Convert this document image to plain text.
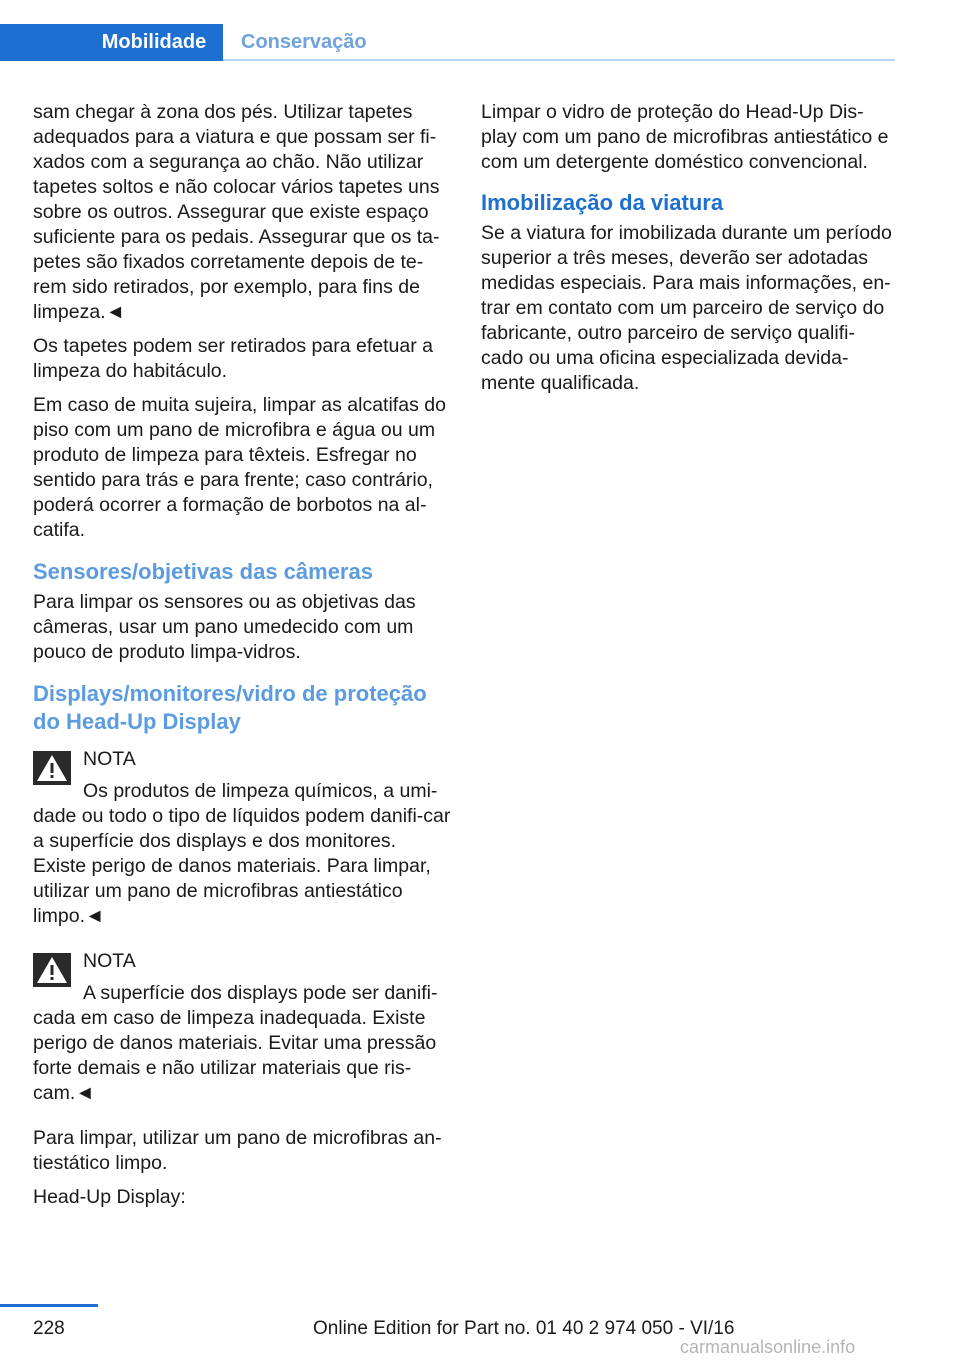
Mobilidade	Conservação

sam chegar à zona dos pés. Utilizar tapetes adequados para a viatura e que possam ser fi-xados com a segurança ao chão. Não utilizar tapetes soltos e não colocar vários tapetes uns sobre os outros. Assegurar que existe espaço suficiente para os pedais. Assegurar que os ta-petes são fixados corretamente depois de te-rem sido retirados, por exemplo, para fins de limpeza.◄

Os tapetes podem ser retirados para efetuar a limpeza do habitáculo.

Em caso de muita sujeira, limpar as alcatifas do piso com um pano de microfibra e água ou um produto de limpeza para têxteis. Esfregar no sentido para trás e para frente; caso contrário, poderá ocorrer a formação de borbotos na al-catifa.

Sensores/objetivas das câmeras

Para limpar os sensores ou as objetivas das câmeras, usar um pano umedecido com um pouco de produto limpa-vidros.

Displays/monitores/vidro de proteção do Head-Up Display
NOTA
Os produtos de limpeza químicos, a umi-dade ou todo o tipo de líquidos podem danifi-car a superfície dos displays e dos monitores. Existe perigo de danos materiais. Para limpar, utilizar um pano de microfibras antiestático limpo.◄
NOTA
A superfície dos displays pode ser danifi-cada em caso de limpeza inadequada. Existe perigo de danos materiais. Evitar uma pressão forte demais e não utilizar materiais que ris-cam.◄

Para limpar, utilizar um pano de microfibras an-tiestático limpo.

Head-Up Display:

Limpar o vidro de proteção do Head-Up Dis-play com um pano de microfibras antiestático e com um detergente doméstico convencional.

Imobilização da viatura

Se a viatura for imobilizada durante um período superior a três meses, deverão ser adotadas medidas especiais. Para mais informações, en-trar em contato com um parceiro de serviço do fabricante, outro parceiro de serviço qualifi-cado ou uma oficina especializada devida-mente qualificada.

228	Online Edition for Part no. 01 40 2 974 050 - VI/16
carmanualsonline.info
